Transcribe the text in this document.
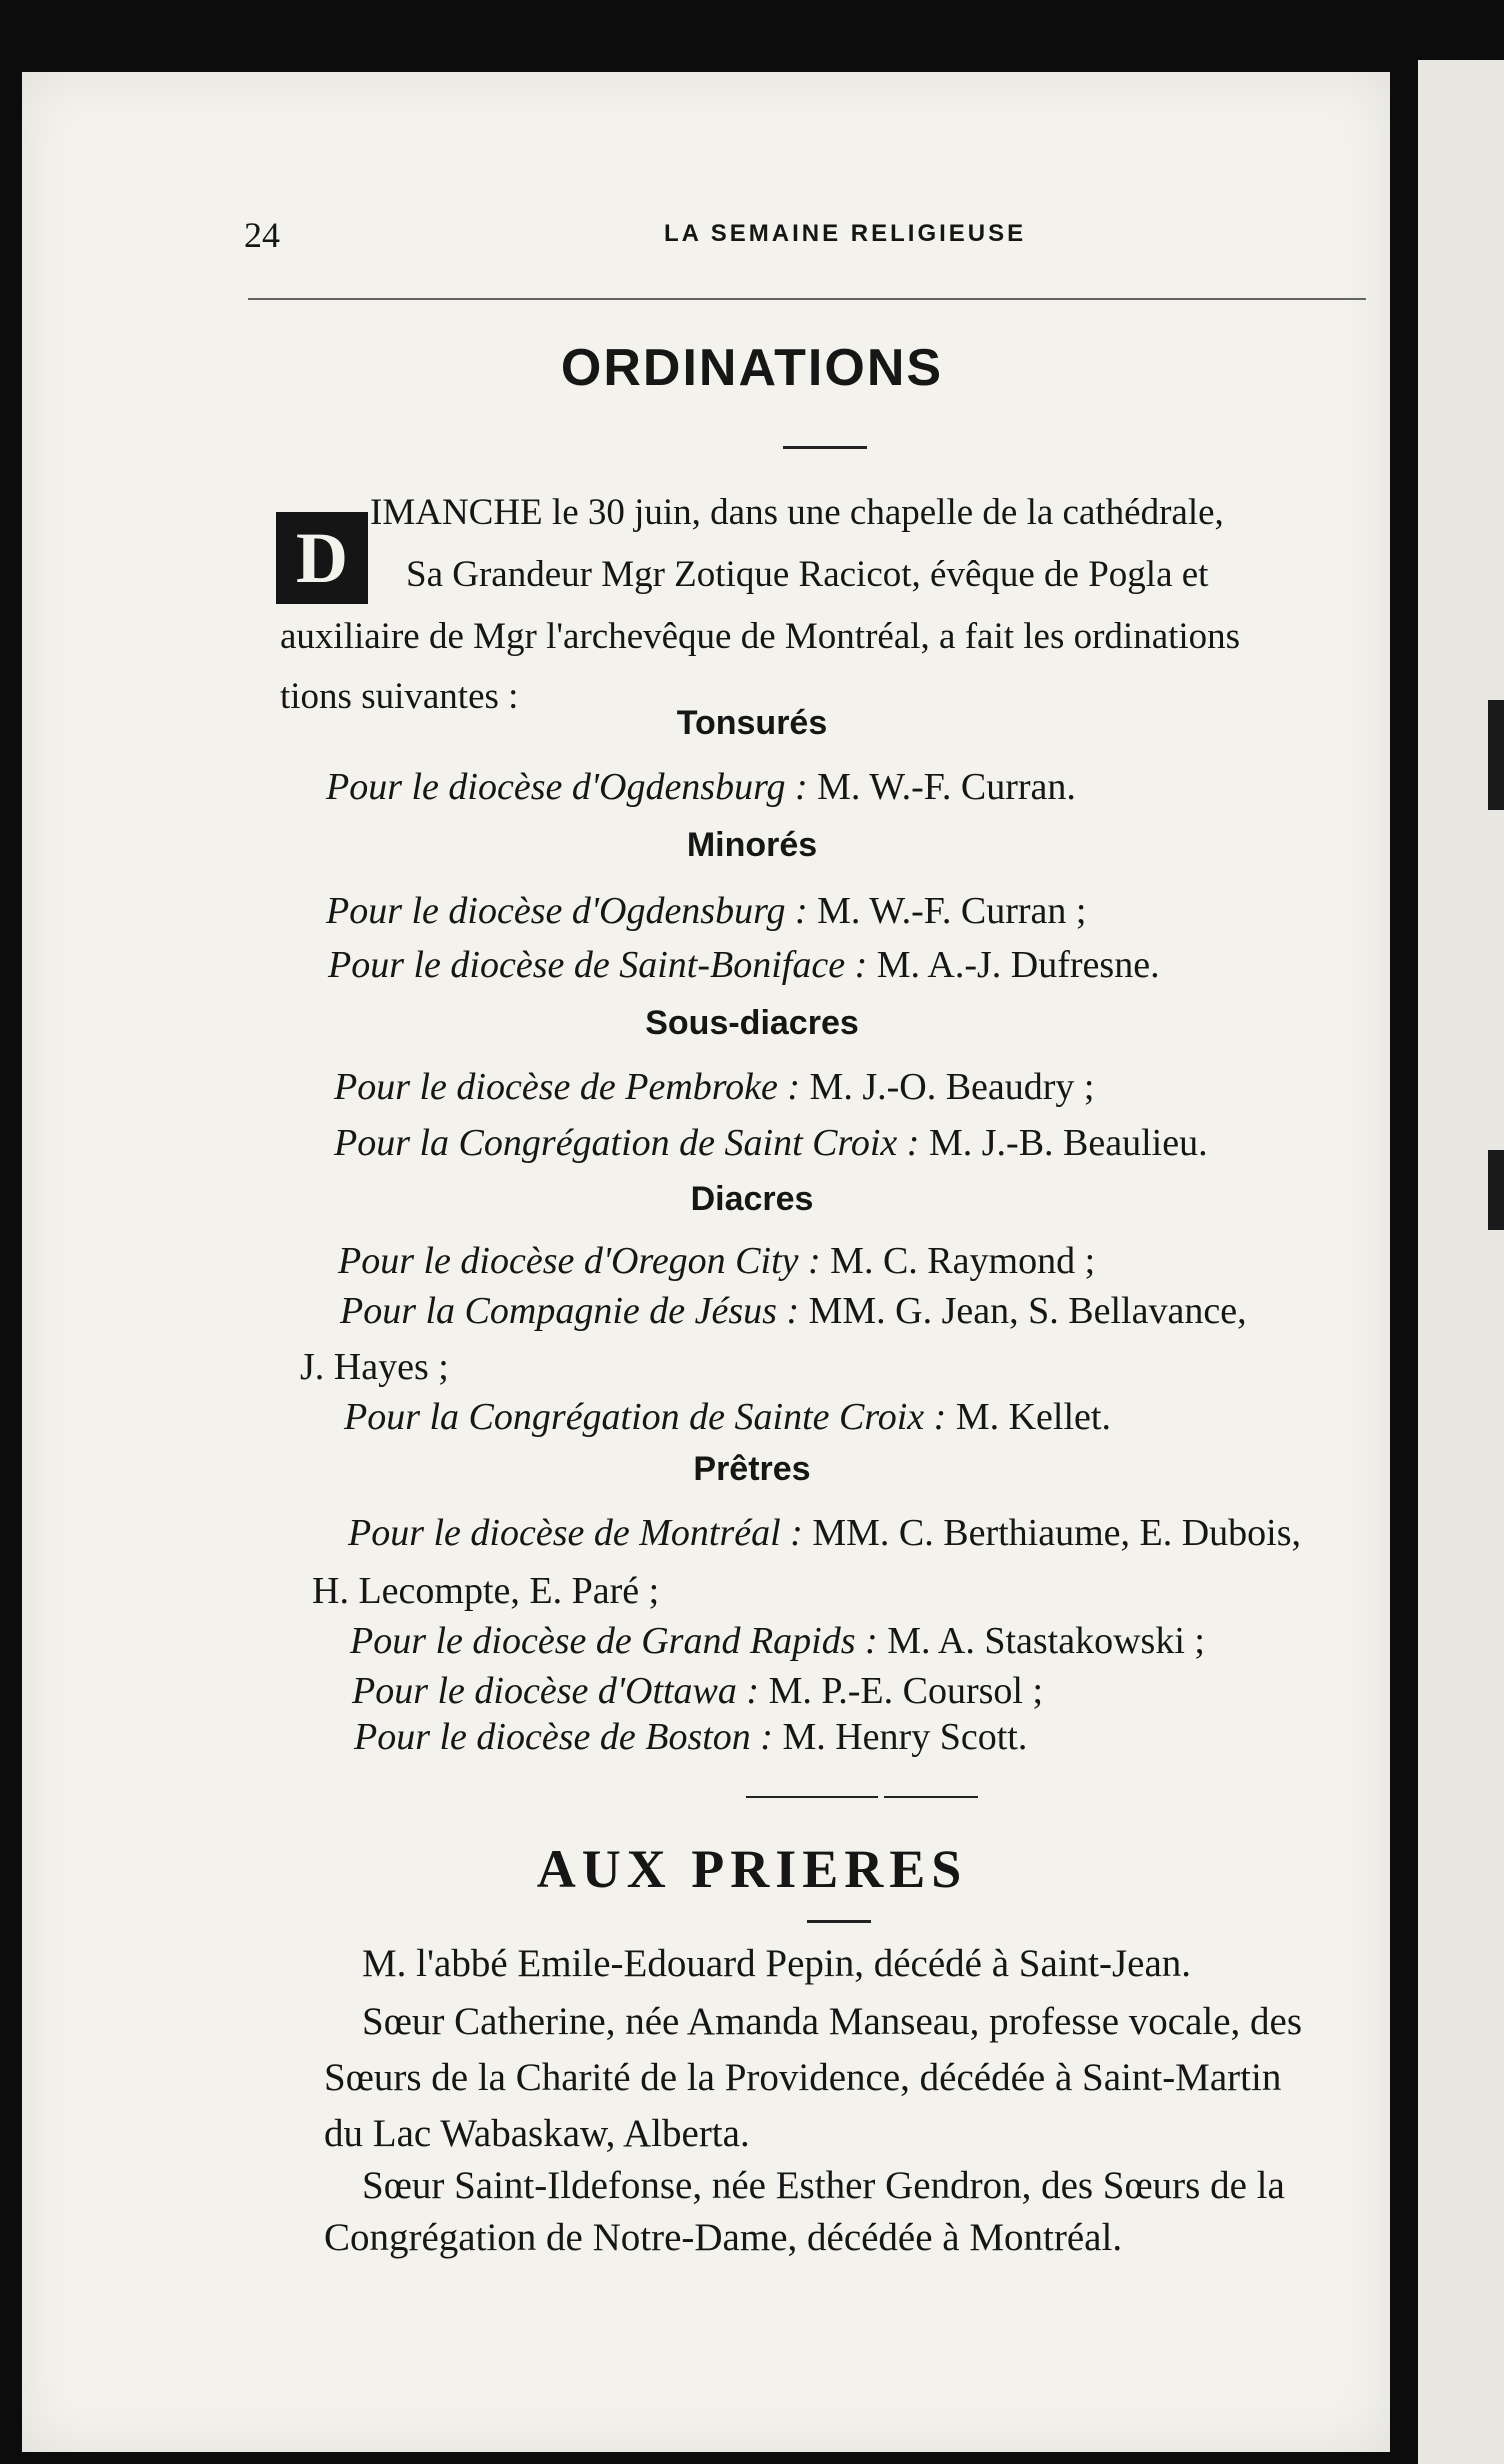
24	LA SEMAINE RELIGIEUSE
ORDINATIONS
D
IMANCHE le 30 juin, dans une chapelle de la cathédrale,
Sa Grandeur Mgr Zotique Racicot, évêque de Pogla et
auxiliaire de Mgr l'archevêque de Montréal, a fait les ordinations
tions suivantes :
Tonsurés
Pour le diocèse d'Ogdensburg : M. W.-F. Curran.
Minorés
Pour le diocèse d'Ogdensburg : M. W.-F. Curran ;
Pour le diocèse de Saint-Boniface : M. A.-J. Dufresne.
Sous-diacres
Pour le diocèse de Pembroke : M. J.-O. Beaudry ;
Pour la Congrégation de Saint Croix : M. J.-B. Beaulieu.
Diacres
Pour le diocèse d'Oregon City : M. C. Raymond ;
Pour la Compagnie de Jésus : MM. G. Jean, S. Bellavance,
J. Hayes ;
Pour la Congrégation de Sainte Croix : M. Kellet.
Prêtres
Pour le diocèse de Montréal : MM. C. Berthiaume, E. Dubois,
H. Lecompte, E. Paré ;
Pour le diocèse de Grand Rapids : M. A. Stastakowski ;
Pour le diocèse d'Ottawa : M. P.-E. Coursol ;
Pour le diocèse de Boston : M. Henry Scott.
AUX PRIERES
M. l'abbé Emile-Edouard Pepin, décédé à Saint-Jean.
Sœur Catherine, née Amanda Manseau, professe vocale, des
Sœurs de la Charité de la Providence, décédée à Saint-Martin
du Lac Wabaskaw, Alberta.
Sœur Saint-Ildefonse, née Esther Gendron, des Sœurs de la
Congrégation de Notre-Dame, décédée à Montréal.
